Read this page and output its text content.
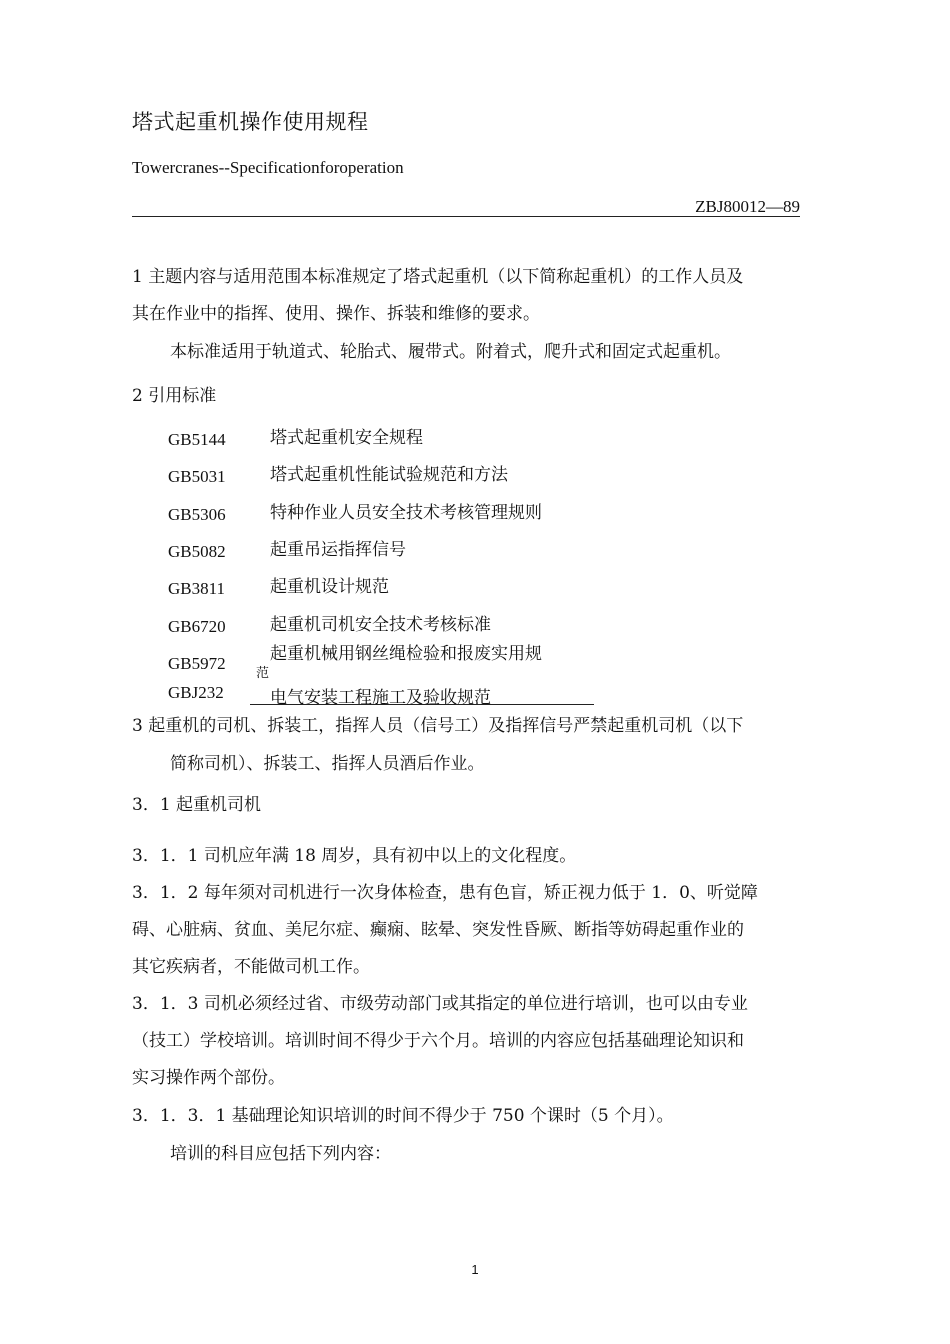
塔式起重机操作使用规程
Towercranes--Specificationforoperation
ZBJ80012—89
1 主题内容与适用范围本标准规定了塔式起重机（以下简称起重机）的工作人员及
其在作业中的指挥、使用、操作、拆装和维修的要求。
本标准适用于轨道式、轮胎式、履带式。附着式，爬升式和固定式起重机。
2 引用标准
GB5144	塔式起重机安全规程
GB5031	塔式起重机性能试验规范和方法
GB5306	特种作业人员安全技术考核管理规则
GB5082	起重吊运指挥信号
GB3811	起重机设计规范
GB6720	起重机司机安全技术考核标准
GB5972	起重机械用钢丝绳检验和报废实用规
范
GBJ232	电气安装工程施工及验收规范
3 起重机的司机、拆装工，指挥人员（信号工）及指挥信号严禁起重机司机（以下
简称司机）、拆装工、指挥人员酒后作业。
3．1 起重机司机
3．1．1 司机应年满 18 周岁，具有初中以上的文化程度。
3．1．2 每年须对司机进行一次身体检查，患有色盲，矫正视力低于 1．0、听觉障
碍、心脏病、贫血、美尼尔症、癫痫、眩晕、突发性昏厥、断指等妨碍起重作业的
其它疾病者，不能做司机工作。
3．1．3 司机必须经过省、市级劳动部门或其指定的单位进行培训，也可以由专业
（技工）学校培训。培训时间不得少于六个月。培训的内容应包括基础理论知识和
实习操作两个部份。
3．1．3．1 基础理论知识培训的时间不得少于 750 个课时（5 个月）。
培训的科目应包括下列内容：
1
